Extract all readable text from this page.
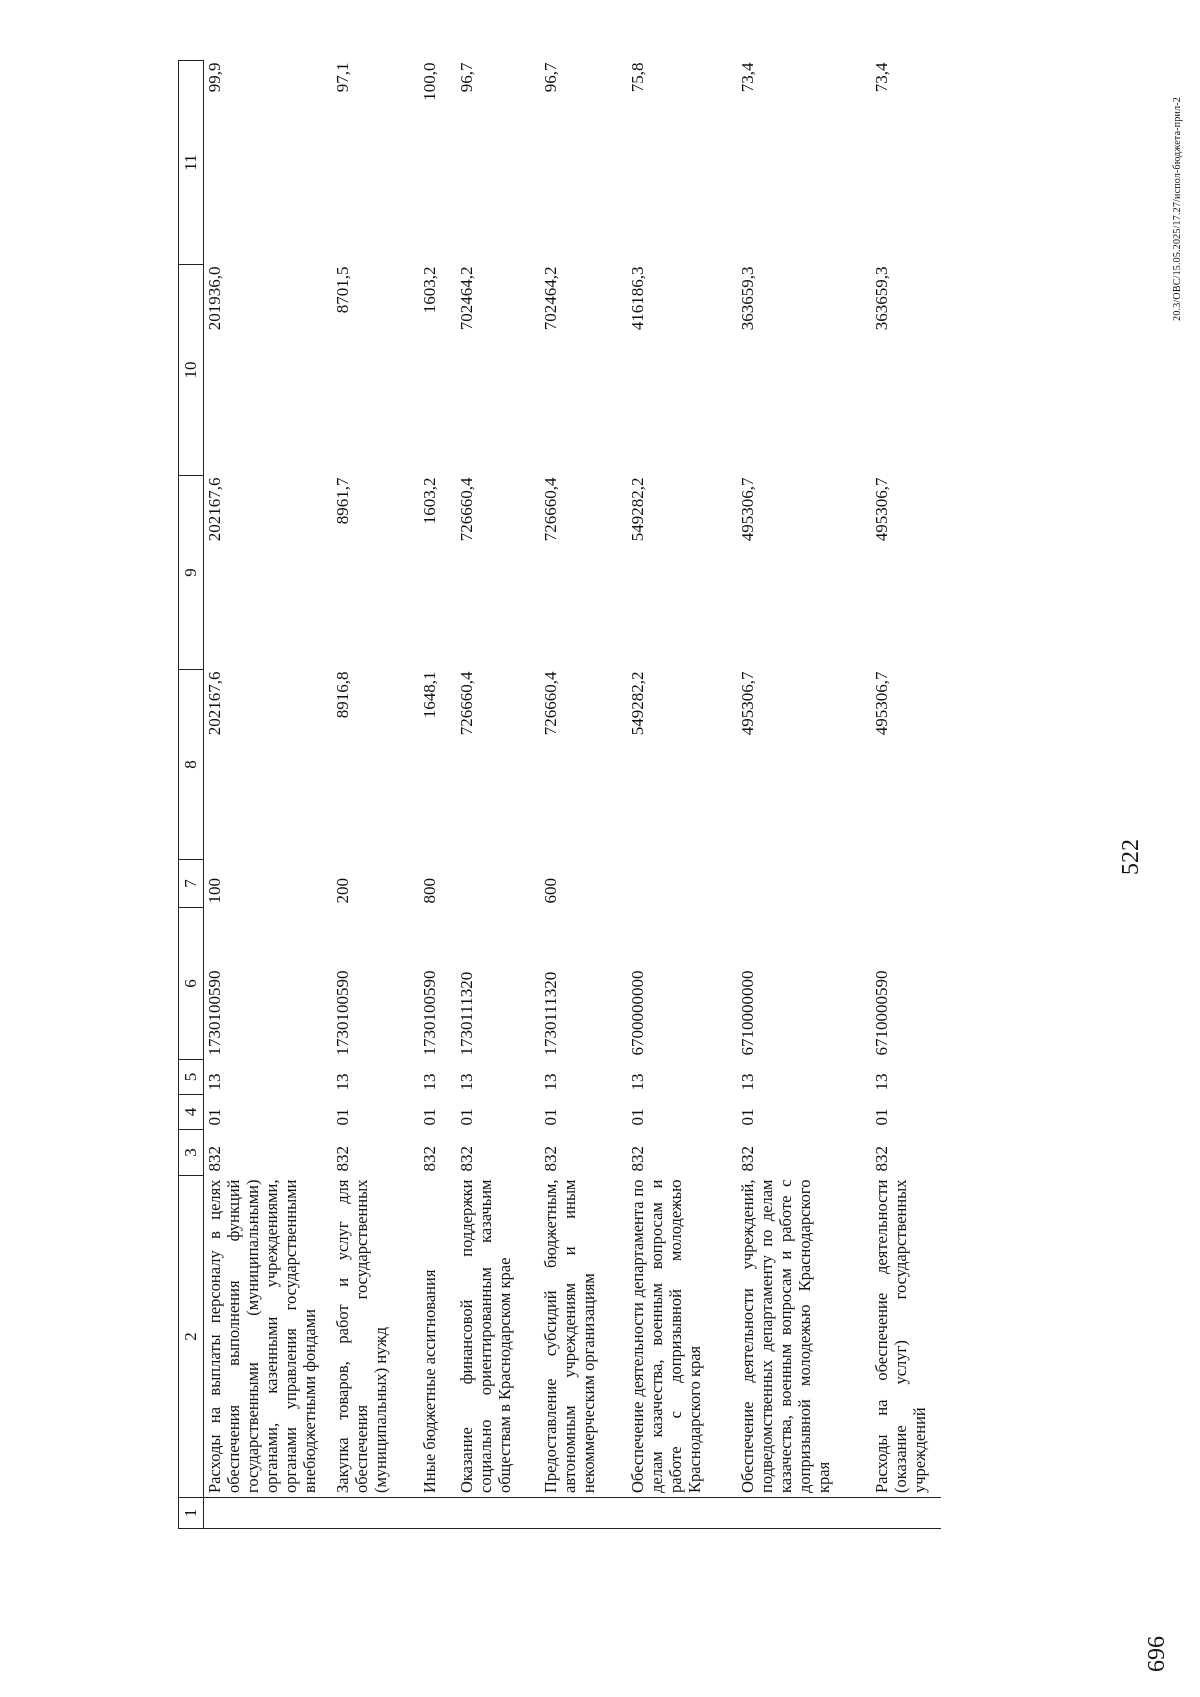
522
1	2	3	4	5	6	7	8	9	10	11
	Расходы на выплаты персоналу в целях обеспечения выполнения функций государственными (муниципальными) органами, казенными учреждениями, органами управления государственными внебюджетными фондами	832	01	13	1730100590	100	202167,6	202167,6	201936,0	99,9
	Закупка товаров, работ и услуг для обеспечения государственных (муниципальных) нужд	832	01	13	1730100590	200	8916,8	8961,7	8701,5	97,1
	Иные бюджетные ассигнования	832	01	13	1730100590	800	1648,1	1603,2	1603,2	100,0
	Оказание финансовой поддержки социально ориентированным казачьим обществам в Краснодарском крае	832	01	13	1730111320		726660,4	726660,4	702464,2	96,7
	Предоставление субсидий бюджетным, автономным учреждениям и иным некоммерческим организациям	832	01	13	1730111320	600	726660,4	726660,4	702464,2	96,7
	Обеспечение деятельности департамента по делам казачества, военным вопросам и работе с допризывной молодежью Краснодарского края	832	01	13	6700000000		549282,2	549282,2	416186,3	75,8
	Обеспечение деятельности учреждений, подведомственных департаменту по делам казачества, военным вопросам и работе с допризывной молодежью Краснодарского края	832	01	13	6710000000		495306,7	495306,7	363659,3	73,4
	Расходы на обеспечение деятельности (оказание услуг) государственных учреждений	832	01	13	6710000590		495306,7	495306,7	363659,3	73,4
20.3/ОВС/15.05.2025/17.27/испол-бюджета-прил-2
696
